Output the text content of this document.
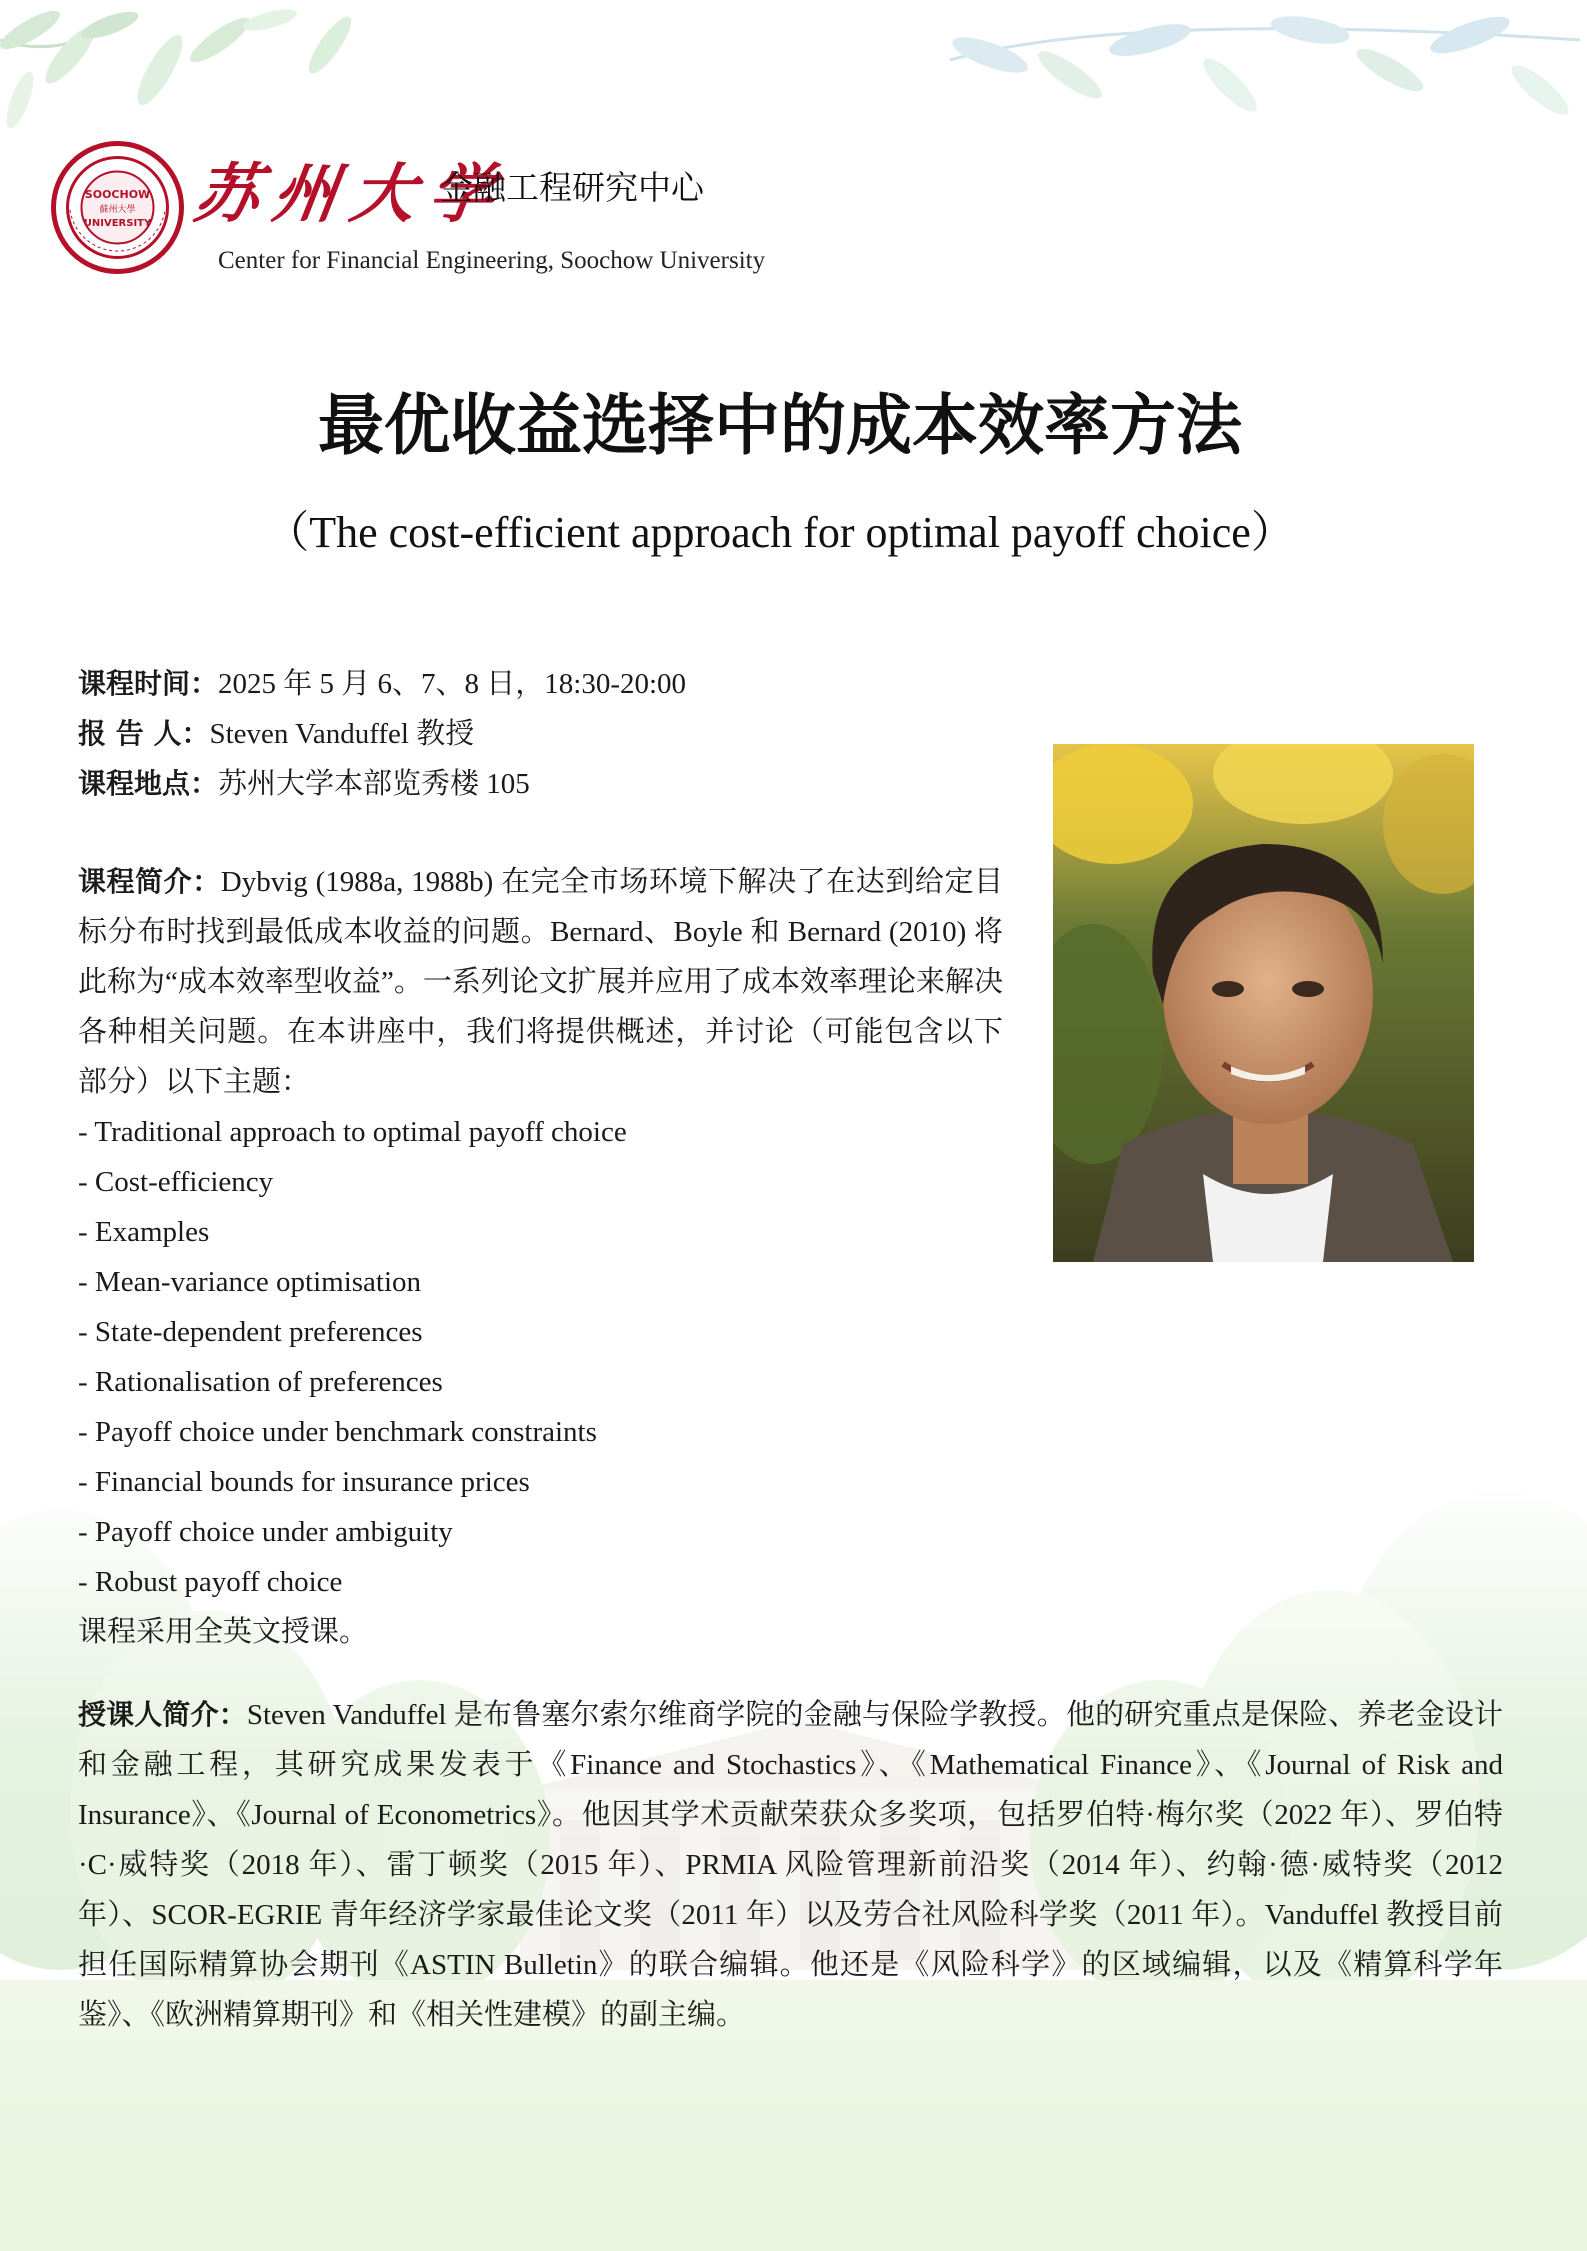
SOOCHOW
蘇州大學
UNIVERSITY 苏州大学
金融工程研究中心
Center for Financial Engineering, Soochow University
最优收益选择中的成本效率方法
（The cost-efficient approach for optimal payoff choice）
课程时间：2025 年 5 月 6、7、8 日，18:30-20:00
报 告 人：Steven Vanduffel 教授
课程地点：苏州大学本部览秀楼 105

课程简介：Dybvig (1988a, 1988b) 在完全市场环境下解决了在达到给定目标分布时找到最低成本收益的问题。Bernard、Boyle 和 Bernard (2010) 将此称为“成本效率型收益”。一系列论文扩展并应用了成本效率理论来解决各种相关问题。在本讲座中，我们将提供概述，并讨论（可能包含以下部分）以下主题：

- Traditional approach to optimal payoff choice
- Cost-efficiency
- Examples
- Mean-variance optimisation
- State-dependent preferences
- Rationalisation of preferences
- Payoff choice under benchmark constraints
- Financial bounds for insurance prices
- Payoff choice under ambiguity
- Robust payoff choice
课程采用全英文授课。

授课人简介：Steven Vanduffel 是布鲁塞尔索尔维商学院的金融与保险学教授。他的研究重点是保险、养老金设计和金融工程，其研究成果发表于《Finance and Stochastics》、《Mathematical Finance》、《Journal of Risk and Insurance》、《Journal of Econometrics》。他因其学术贡献荣获众多奖项，包括罗伯特·梅尔奖（2022 年）、罗伯特·C·威特奖（2018 年）、雷丁顿奖（2015 年）、PRMIA 风险管理新前沿奖（2014 年）、约翰·德·威特奖（2012 年）、SCOR-EGRIE 青年经济学家最佳论文奖（2011 年）以及劳合社风险科学奖（2011 年）。Vanduffel 教授目前担任国际精算协会期刊《ASTIN Bulletin》的联合编辑。他还是《风险科学》的区域编辑，以及《精算科学年鉴》、《欧洲精算期刊》和《相关性建模》的副主编。
